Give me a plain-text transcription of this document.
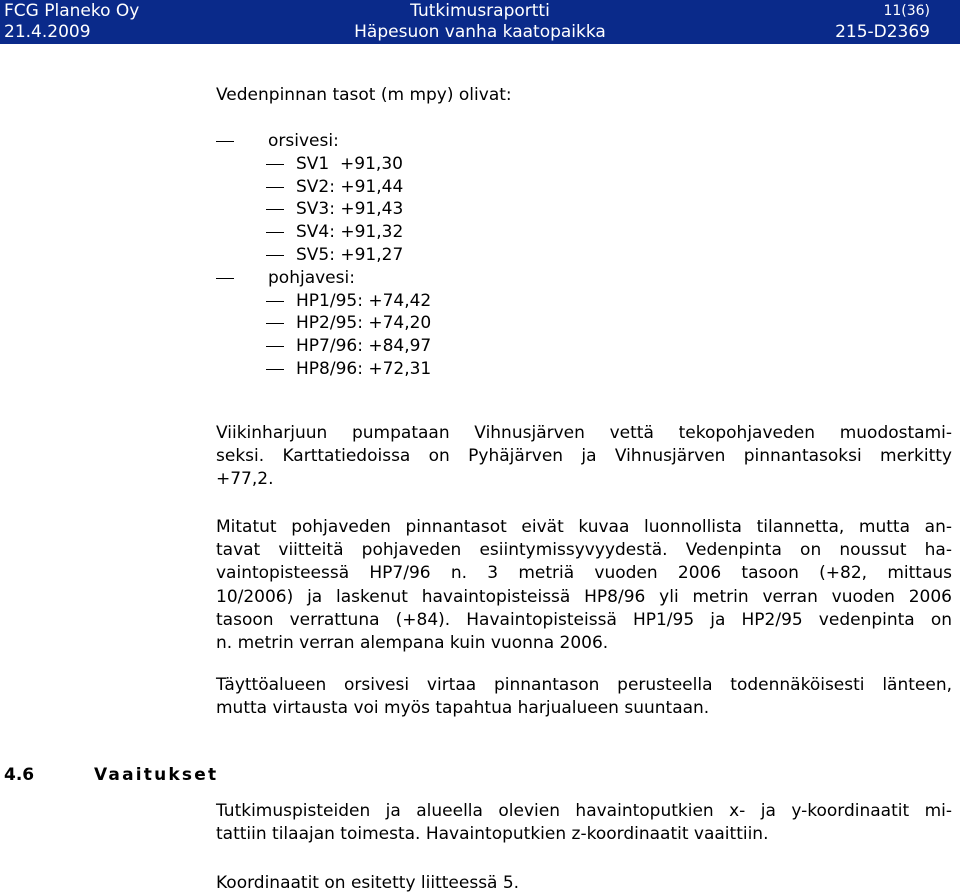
FCG Planeko Oy	Tutkimusraportti	11(36)
21.4.2009	Häpesuon vanha kaatopaikka	215-D2369
Vedenpinnan tasot (m mpy) olivat:
orsivesi:
SV1  +91,30
SV2: +91,44
SV3: +91,43
SV4: +91,32
SV5: +91,27
pohjavesi:
HP1/95: +74,42
HP2/95: +74,20
HP7/96: +84,97
HP8/96: +72,31
Viikinharjuun pumpataan Vihnusjärven vettä tekopohjaveden muodostami-
seksi. Karttatiedoissa on Pyhäjärven ja Vihnusjärven pinnantasoksi merkitty
+77,2.
Mitatut pohjaveden pinnantasot eivät kuvaa luonnollista tilannetta, mutta an-
tavat viitteitä pohjaveden esiintymissyvyydestä. Vedenpinta on noussut ha-
vaintopisteessä HP7/96 n. 3 metriä vuoden 2006 tasoon (+82, mittaus
10/2006) ja laskenut havaintopisteissä HP8/96 yli metrin verran vuoden 2006
tasoon verrattuna (+84). Havaintopisteissä HP1/95 ja HP2/95 vedenpinta on
n. metrin verran alempana kuin vuonna 2006.
Täyttöalueen orsivesi virtaa pinnantason perusteella todennäköisesti länteen,
mutta virtausta voi myös tapahtua harjualueen suuntaan.
Tutkimuspisteiden ja alueella olevien havaintoputkien x- ja y-koordinaatit mi-
tattiin tilaajan toimesta. Havaintoputkien z-koordinaatit vaaittiin.
Koordinaatit on esitetty liitteessä 5.
4.6	Vaaitukset
